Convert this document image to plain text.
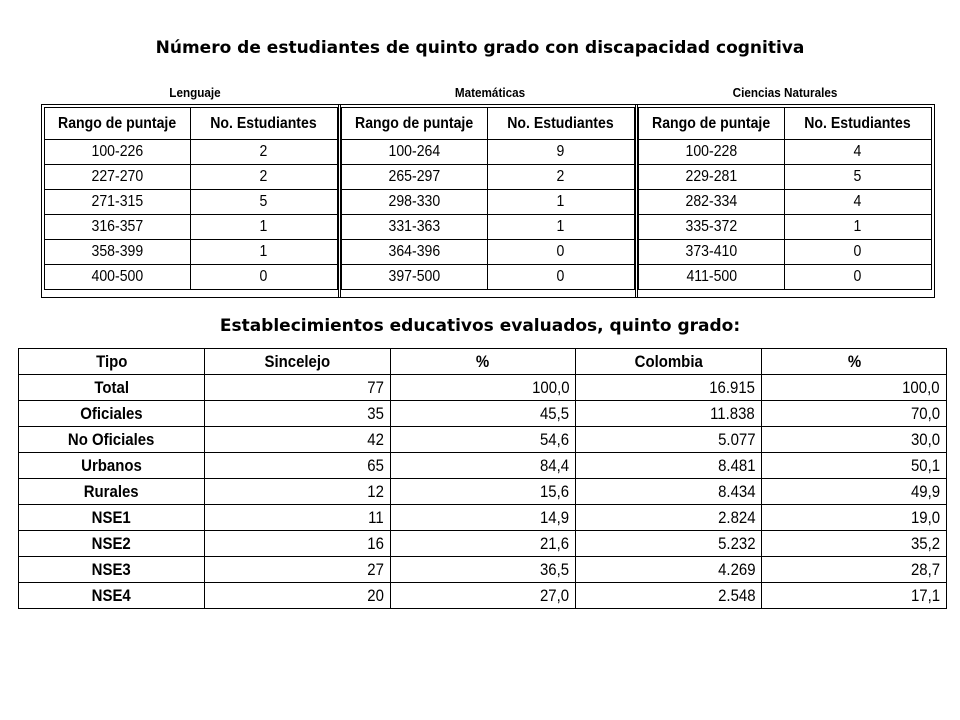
Número de estudiantes de quinto grado con discapacidad cognitiva
Lenguaje	Matemáticas	Ciencias Naturales
Rango de puntaje	No. Estudiantes
100-226	2
227-270	2
271-315	5
316-357	1
358-399	1
400-500	0
Rango de puntaje	No. Estudiantes
100-264	9
265-297	2
298-330	1
331-363	1
364-396	0
397-500	0
Rango de puntaje	No. Estudiantes
100-228	4
229-281	5
282-334	4
335-372	1
373-410	0
411-500	0
Establecimientos educativos evaluados, quinto grado:
Tipo	Sincelejo	%	Colombia	%
Total	77	100,0	16.915	100,0
Oficiales	35	45,5	11.838	70,0
No Oficiales	42	54,6	5.077	30,0
Urbanos	65	84,4	8.481	50,1
Rurales	12	15,6	8.434	49,9
NSE1	11	14,9	2.824	19,0
NSE2	16	21,6	5.232	35,2
NSE3	27	36,5	4.269	28,7
NSE4	20	27,0	2.548	17,1
